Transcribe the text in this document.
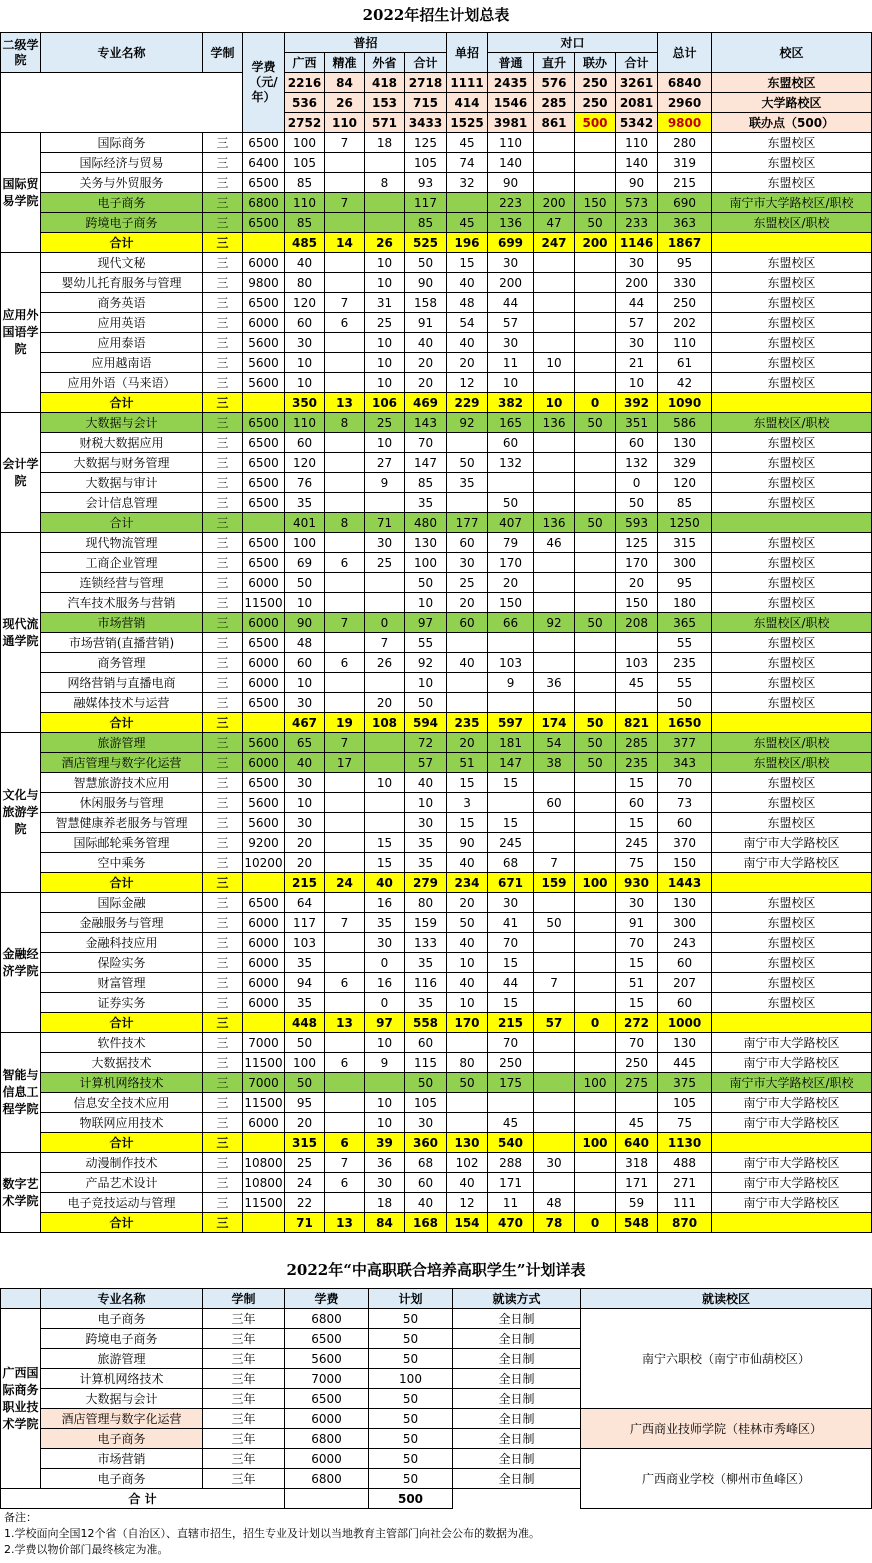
2022年招生计划总表
二级学院	专业名称	学制	学费（元/年）	普招				单招	对口				总计	校区
				广西	精准	外省	合计		普通	直升	联办	合计		
				2216	84	418	2718	1111	2435	576	250	3261	6840	东盟校区
				536	26	153	715	414	1546	285	250	2081	2960	大学路校区
				2752	110	571	3433	1525	3981	861	500	5342	9800	联办点（500）
国际贸易学院	国际商务	三	6500	100	7	18	125	45	110			110	280	东盟校区
	国际经济与贸易	三	6400	105			105	74	140			140	319	东盟校区
	关务与外贸服务	三	6500	85		8	93	32	90			90	215	东盟校区
	电子商务	三	6800	110	7		117		223	200	150	573	690	南宁市大学路校区/职校
	跨境电子商务	三	6500	85			85	45	136	47	50	233	363	东盟校区/职校
	合计	三		485	14	26	525	196	699	247	200	1146	1867	
应用外国语学院	现代文秘	三	6000	40		10	50	15	30			30	95	东盟校区
	婴幼儿托育服务与管理	三	9800	80		10	90	40	200			200	330	东盟校区
	商务英语	三	6500	120	7	31	158	48	44			44	250	东盟校区
	应用英语	三	6000	60	6	25	91	54	57			57	202	东盟校区
	应用泰语	三	5600	30		10	40	40	30			30	110	东盟校区
	应用越南语	三	5600	10		10	20	20	11	10		21	61	东盟校区
	应用外语（马来语）	三	5600	10		10	20	12	10			10	42	东盟校区
	合计	三		350	13	106	469	229	382	10	0	392	1090	
会计学院	大数据与会计	三	6500	110	8	25	143	92	165	136	50	351	586	东盟校区/职校
	财税大数据应用	三	6500	60		10	70		60			60	130	东盟校区
	大数据与财务管理	三	6500	120		27	147	50	132			132	329	东盟校区
	大数据与审计	三	6500	76		9	85	35				0	120	东盟校区
	会计信息管理	三	6500	35			35		50			50	85	东盟校区
	合计	三		401	8	71	480	177	407	136	50	593	1250	
现代流通学院	现代物流管理	三	6500	100		30	130	60	79	46		125	315	东盟校区
	工商企业管理	三	6500	69	6	25	100	30	170			170	300	东盟校区
	连锁经营与管理	三	6000	50			50	25	20			20	95	东盟校区
	汽车技术服务与营销	三	11500	10			10	20	150			150	180	东盟校区
	市场营销	三	6000	90	7	0	97	60	66	92	50	208	365	东盟校区/职校
	市场营销(直播营销)	三	6500	48		7	55						55	东盟校区
	商务管理	三	6000	60	6	26	92	40	103			103	235	东盟校区
	网络营销与直播电商	三	6000	10			10		9	36		45	55	东盟校区
	融媒体技术与运营	三	6500	30		20	50						50	东盟校区
	合计	三		467	19	108	594	235	597	174	50	821	1650	
文化与旅游学院	旅游管理	三	5600	65	7		72	20	181	54	50	285	377	东盟校区/职校
	酒店管理与数字化运营	三	6000	40	17		57	51	147	38	50	235	343	东盟校区/职校
	智慧旅游技术应用	三	6500	30		10	40	15	15			15	70	东盟校区
	休闲服务与管理	三	5600	10			10	3		60		60	73	东盟校区
	智慧健康养老服务与管理	三	5600	30			30	15	15			15	60	东盟校区
	国际邮轮乘务管理	三	9200	20		15	35	90	245			245	370	南宁市大学路校区
	空中乘务	三	10200	20		15	35	40	68	7		75	150	南宁市大学路校区
	合计	三		215	24	40	279	234	671	159	100	930	1443	
金融经济学院	国际金融	三	6500	64		16	80	20	30			30	130	东盟校区
	金融服务与管理	三	6000	117	7	35	159	50	41	50		91	300	东盟校区
	金融科技应用	三	6000	103		30	133	40	70			70	243	东盟校区
	保险实务	三	6000	35		0	35	10	15			15	60	东盟校区
	财富管理	三	6000	94	6	16	116	40	44	7		51	207	东盟校区
	证券实务	三	6000	35		0	35	10	15			15	60	东盟校区
	合计	三		448	13	97	558	170	215	57	0	272	1000	
智能与信息工程学院	软件技术	三	7000	50		10	60		70			70	130	南宁市大学路校区
	大数据技术	三	11500	100	6	9	115	80	250			250	445	南宁市大学路校区
	计算机网络技术	三	7000	50			50	50	175		100	275	375	南宁市大学路校区/职校
	信息安全技术应用	三	11500	95		10	105						105	南宁市大学路校区
	物联网应用技术	三	6000	20		10	30		45			45	75	南宁市大学路校区
	合计	三		315	6	39	360	130	540		100	640	1130	
数字艺术学院	动漫制作技术	三	10800	25	7	36	68	102	288	30		318	488	南宁市大学路校区
	产品艺术设计	三	10800	24	6	30	60	40	171			171	271	南宁市大学路校区
	电子竞技运动与管理	三	11500	22		18	40	12	11	48		59	111	南宁市大学路校区
	合计	三		71	13	84	168	154	470	78	0	548	870	
2022年“中高职联合培养高职学生”计划详表
	专业名称	学制	学费	计划	就读方式	就读校区
广西国际商务职业技术学院	电子商务	三年	6800	50	全日制	南宁六职校（南宁市仙葫校区）
	跨境电子商务	三年	6500	50	全日制	
	旅游管理	三年	5600	50	全日制	
	计算机网络技术	三年	7000	100	全日制	
	大数据与会计	三年	6500	50	全日制	
	酒店管理与数字化运营	三年	6000	50	全日制	广西商业技师学院（桂林市秀峰区）
	电子商务	三年	6800	50	全日制	
	市场营销	三年	6000	50	全日制	广西商业学校（柳州市鱼峰区）
	电子商务	三年	6800	50	全日制	
合 计				500		
备注：
1.学校面向全国12个省（自治区）、直辖市招生，招生专业及计划以当地教育主管部门向社会公布的数据为准。
2.学费以物价部门最终核定为准。
